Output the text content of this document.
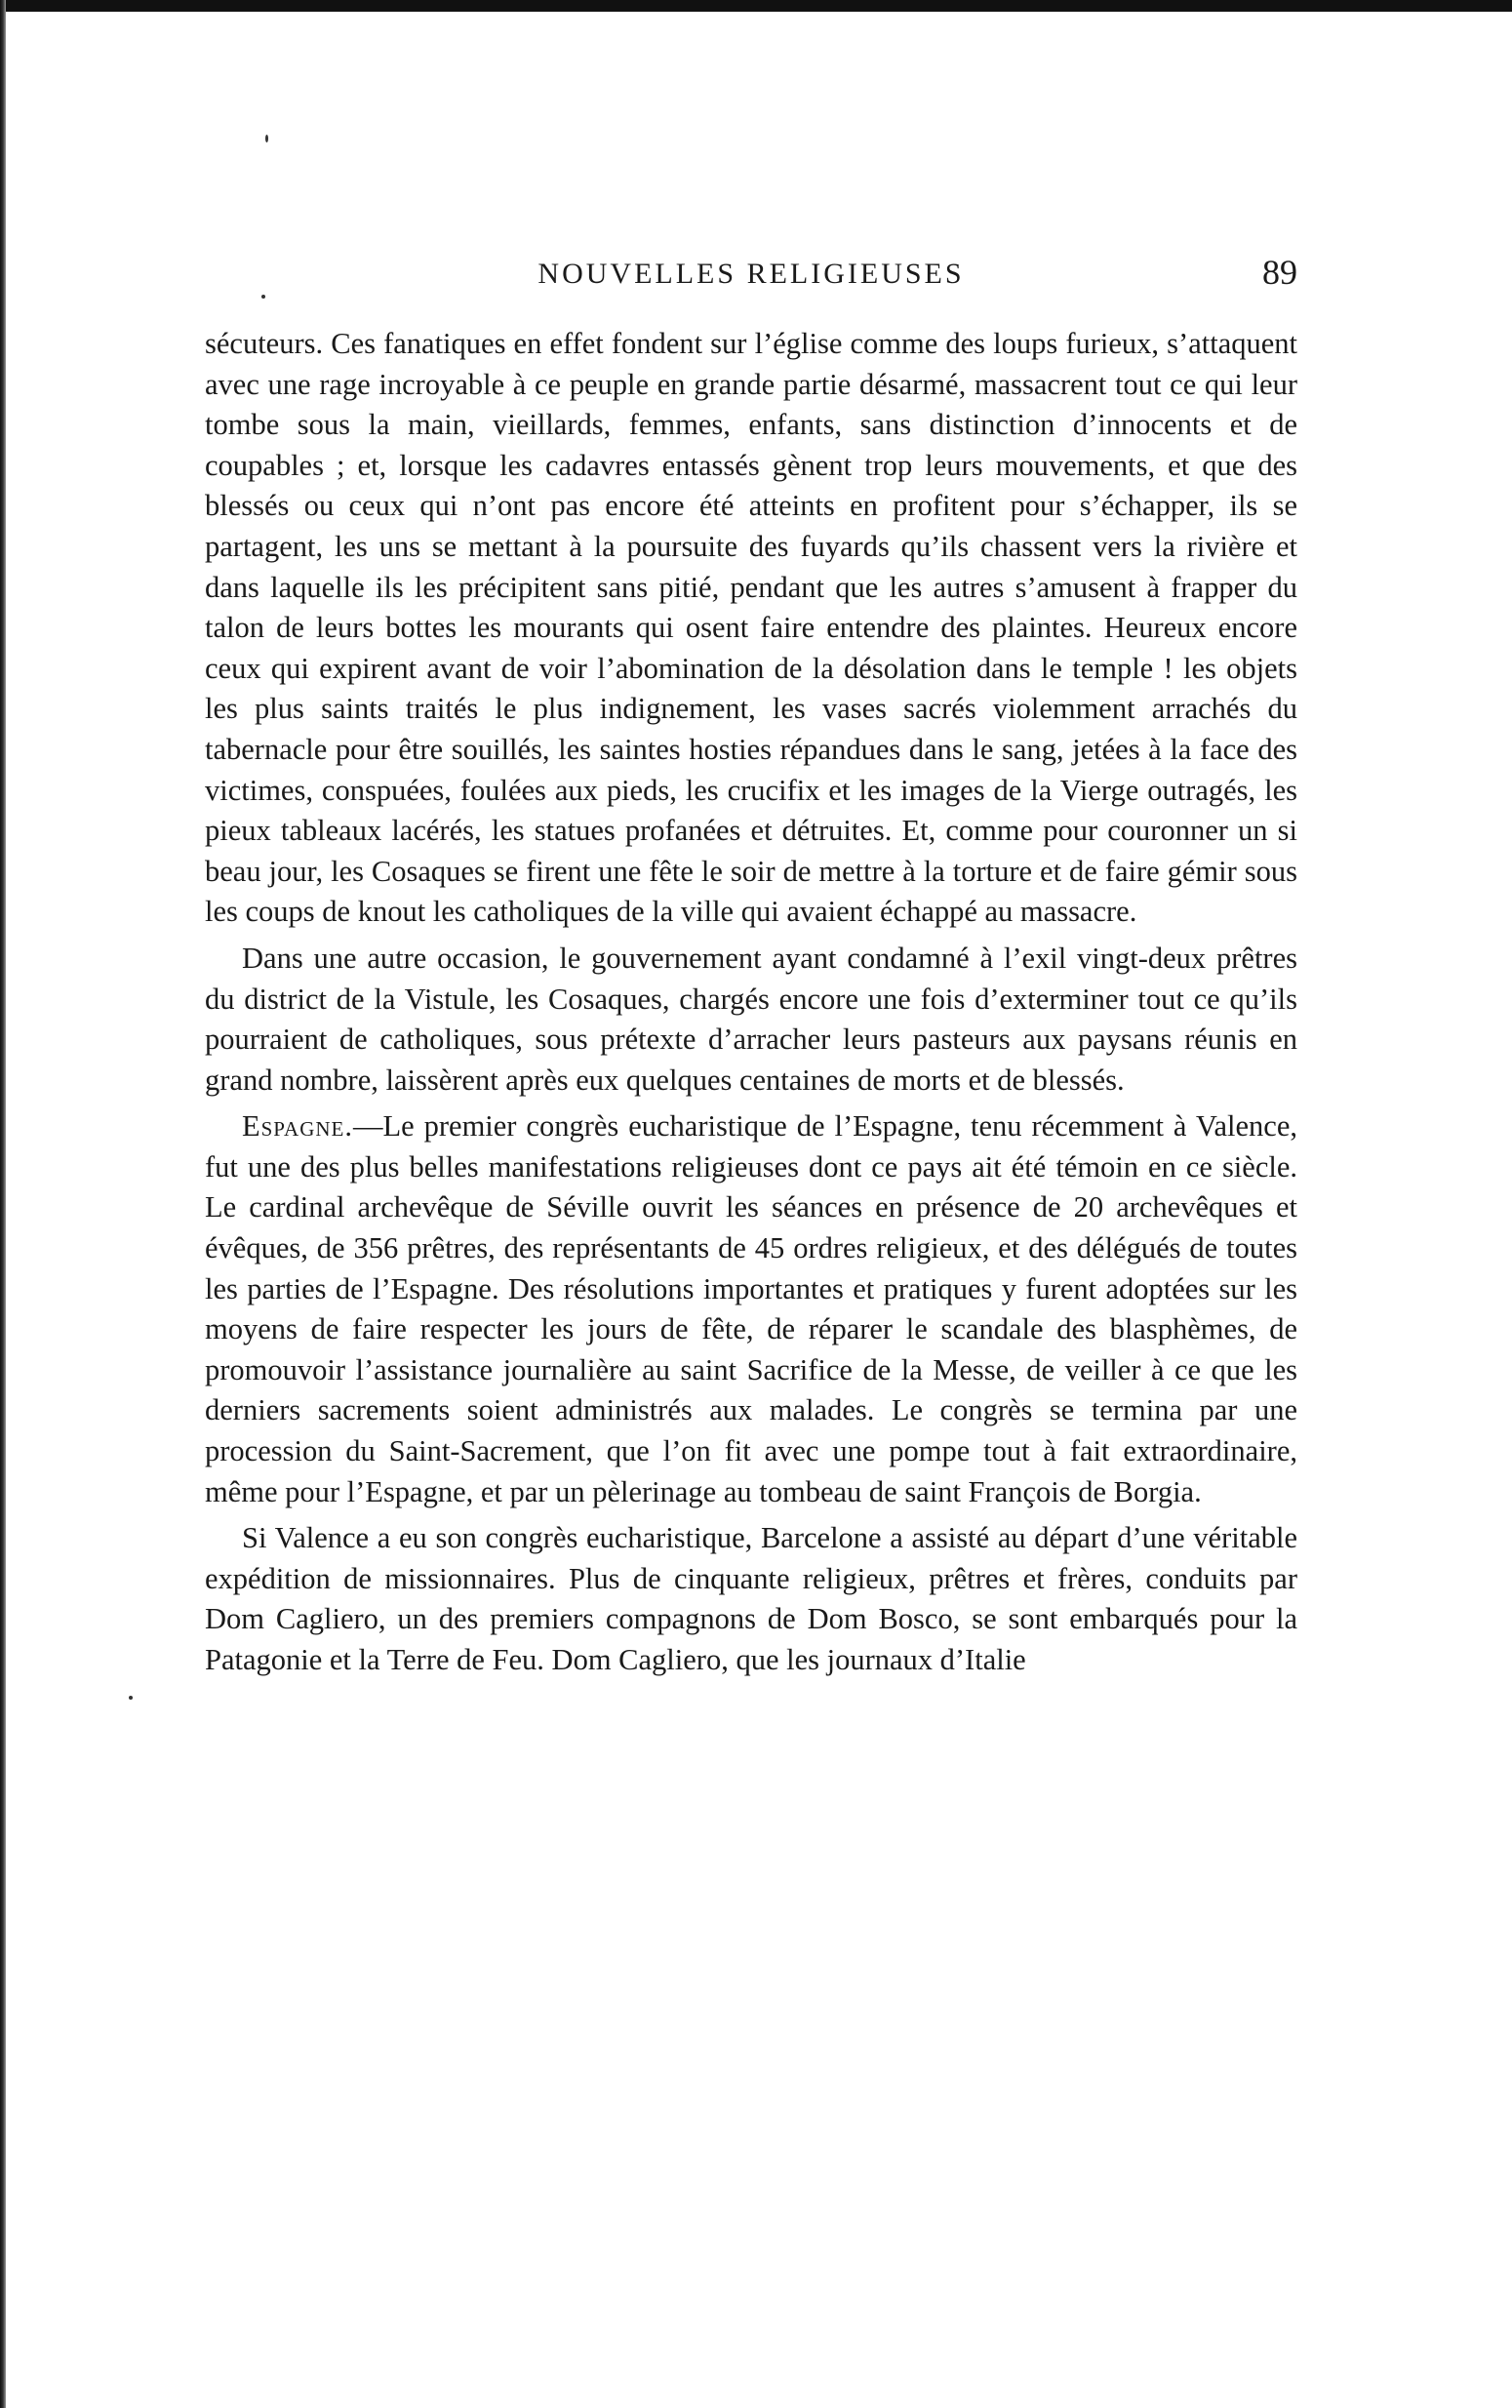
NOUVELLES RELIGIEUSES	89

sécuteurs. Ces fanatiques en effet fondent sur l’église comme des loups furieux, s’attaquent avec une rage incroyable à ce peuple en grande partie désarmé, massacrent tout ce qui leur tombe sous la main, vieillards, femmes, enfants, sans distinction d’innocents et de coupables ; et, lorsque les cadavres entassés gènent trop leurs mouvements, et que des blessés ou ceux qui n’ont pas encore été atteints en profitent pour s’échapper, ils se partagent, les uns se mettant à la poursuite des fuyards qu’ils chassent vers la rivière et dans laquelle ils les précipitent sans pitié, pendant que les autres s’amusent à frapper du talon de leurs bottes les mourants qui osent faire entendre des plaintes. Heureux encore ceux qui expirent avant de voir l’abomination de la désolation dans le temple ! les objets les plus saints traités le plus indignement, les vases sacrés violemment arrachés du tabernacle pour être souillés, les saintes hosties répandues dans le sang, jetées à la face des victimes, conspuées, foulées aux pieds, les crucifix et les images de la Vierge outragés, les pieux tableaux lacérés, les statues profanées et détruites. Et, comme pour couronner un si beau jour, les Cosaques se firent une fête le soir de mettre à la torture et de faire gémir sous les coups de knout les catholiques de la ville qui avaient échappé au massacre.

Dans une autre occasion, le gouvernement ayant condamné à l’exil vingt-deux prêtres du district de la Vistule, les Cosaques, chargés encore une fois d’exterminer tout ce qu’ils pourraient de catholiques, sous prétexte d’arracher leurs pasteurs aux paysans réunis en grand nombre, laissèrent après eux quelques centaines de morts et de blessés.

Espagne.—Le premier congrès eucharistique de l’Espagne, tenu récemment à Valence, fut une des plus belles manifestations religieuses dont ce pays ait été témoin en ce siècle. Le cardinal archevêque de Séville ouvrit les séances en présence de 20 archevêques et évêques, de 356 prêtres, des représentants de 45 ordres religieux, et des délégués de toutes les parties de l’Espagne. Des résolutions importantes et pratiques y furent adoptées sur les moyens de faire respecter les jours de fête, de réparer le scandale des blasphèmes, de promouvoir l’assistance journalière au saint Sacrifice de la Messe, de veiller à ce que les derniers sacrements soient administrés aux malades. Le congrès se termina par une procession du Saint-Sacrement, que l’on fit avec une pompe tout à fait extraordinaire, même pour l’Espagne, et par un pèlerinage au tombeau de saint François de Borgia.

Si Valence a eu son congrès eucharistique, Barcelone a assisté au départ d’une véritable expédition de missionnaires. Plus de cinquante religieux, prêtres et frères, conduits par Dom Cagliero, un des premiers compagnons de Dom Bosco, se sont embarqués pour la Patagonie et la Terre de Feu. Dom Cagliero, que les journaux d’Italie
